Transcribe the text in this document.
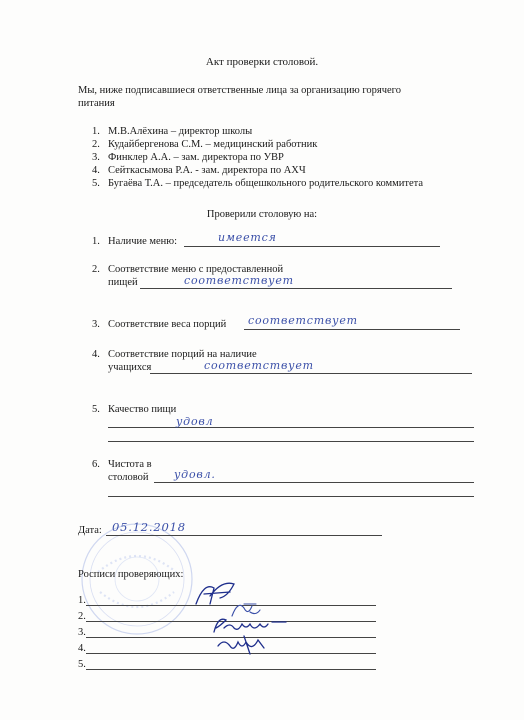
Акт проверки столовой.
Мы, ниже подписавшиеся ответственные лица за организацию горячего
питания
1. М.В.Алёхина – директор школы
2. Кудайбергенова С.М. – медицинский работник
3. Финклер А.А. – зам. директора по УВР
4. Сейткасымова Р.А. - зам. директора по АХЧ
5. Бугаёва Т.А. – председатель общешкольного родительского коммитета
Проверили столовую на:
1. Наличие меню:	имеется
2. Соответствие меню с предоставленной
пищей	соответствует
3. Соответствие веса порций соответствует
4. Соответствие порций на наличие
учащихся	соответствует
5. Качество пищи
удовл
6. Чистота в
столовой удовл.
Дата: 05.12.2018
Росписи проверяющих:
1.
2.
3.
4.
5.
